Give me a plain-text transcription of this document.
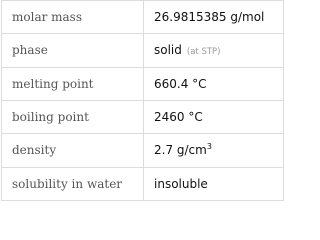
molar mass	26.9815385 g/mol
phase	solid (at STP)
melting point	660.4 °C
boiling point	2460 °C
density	2.7 $g/cm^3$
solubility in water	insoluble
